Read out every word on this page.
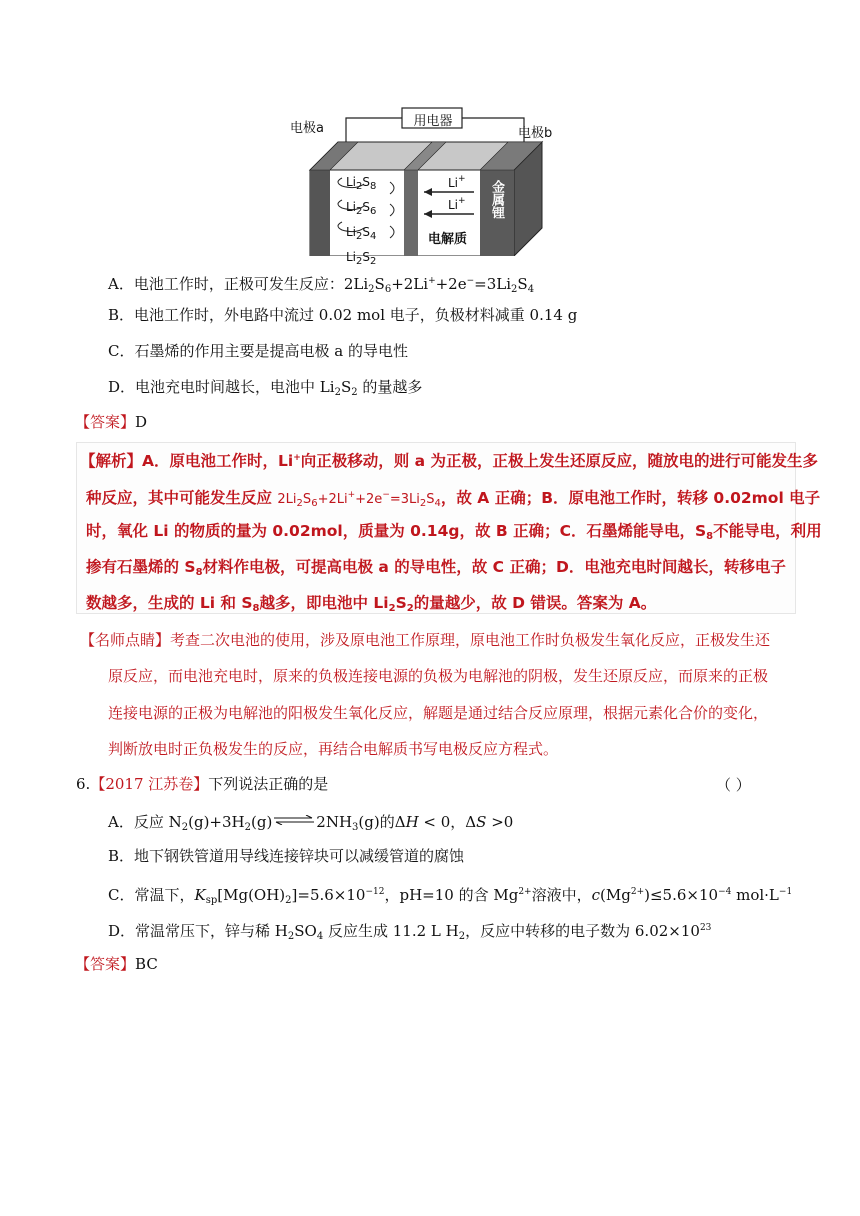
用电器
电极a	电极b
$Li_2S_8$
$Li_2S_6$
$Li_2S_4$
$Li_2S_2$
Li+
Li+
电解质
金属锂
A．电池工作时，正极可发生反应：$2Li_2S_6+2Li^++2e^-=3Li_2S_4$
B．电池工作时，外电路中流过 0.02 mol 电子，负极材料减重 0.14 g
C．石墨烯的作用主要是提高电极 a 的导电性
D．电池充电时间越长，电池中 $Li_2S_2$ 的量越多
【答案】D
【解析】A．原电池工作时，Li+向正极移动，则 a 为正极，正极上发生还原反应，随放电的进行可能发生多
种反应，其中可能发生反应 $2Li_2S_6+2Li^++2e^-=3Li_2S_4$，故 A 正确；B．原电池工作时，转移 0.02mol 电子
时，氧化 Li 的物质的量为 0.02mol，质量为 0.14g，故 B 正确；C．石墨烯能导电，$S_8$不能导电，利用
掺有石墨烯的 $S_8$材料作电极，可提高电极 a 的导电性，故 C 正确；D．电池充电时间越长，转移电子
数越多，生成的 Li 和 $S_8$越多，即电池中 $Li_2S_2$的量越少，故 D 错误。答案为 A。
【名师点睛】考查二次电池的使用，涉及原电池工作原理，原电池工作时负极发生氧化反应，正极发生还
原反应，而电池充电时，原来的负极连接电源的负极为电解池的阴极，发生还原反应，而原来的正极
连接电源的正极为电解池的阳极发生氧化反应，解题是通过结合反应原理，根据元素化合价的变化，
判断放电时正负极发生的反应，再结合电解质书写电极反应方程式。
6.【2017 江苏卷】下列说法正确的是	（ ）
A．反应 $N_2(g)+3H_2(g)$ ⇌ $2NH_3(g)$的ΔH < 0，ΔS >0
B．地下钢铁管道用导线连接锌块可以减缓管道的腐蚀
C．常温下，$K_{sp}[Mg(OH)_2]=5.6\times 10^{-12}$，pH=10 的含 $Mg^{2+}$溶液中，$c(Mg^{2+})\le 5.6\times 10^{-4}$ $mol\cdot L^{-1}$
D．常温常压下，锌与稀 $H_2SO_4$ 反应生成 11.2 L $H_2$，反应中转移的电子数为 $6.02\times 10^{23}$
【答案】BC
